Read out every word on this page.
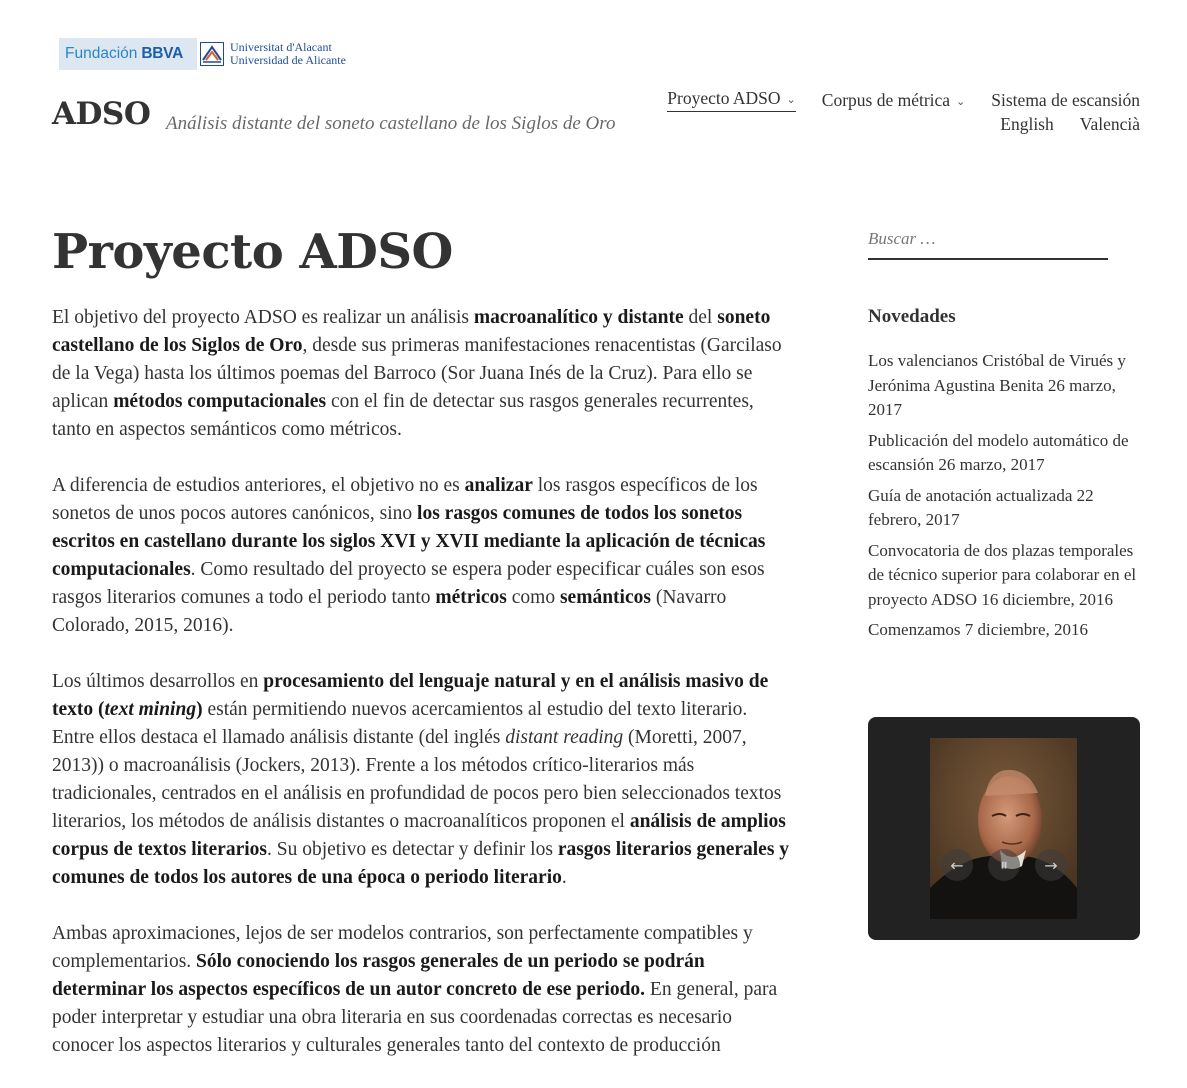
Fundación BBVA	Universitat d'Alacant
Universidad de Alicante
ADSO Análisis distante del soneto castellano de los Siglos de Oro

Proyecto ADSO ⌄ Corpus de métrica ⌄ Sistema de escansión
English Valencià
Proyecto ADSO

El objetivo del proyecto ADSO es realizar un análisis macroanalítico y distante del soneto castellano de los Siglos de Oro, desde sus primeras manifestaciones renacentistas (Garcilaso de la Vega) hasta los últimos poemas del Barroco (Sor Juana Inés de la Cruz). Para ello se aplican métodos computacionales con el fin de detectar sus rasgos generales recurrentes, tanto en aspectos semánticos como métricos.

A diferencia de estudios anteriores, el objetivo no es analizar los rasgos específicos de los sonetos de unos pocos autores canónicos, sino los rasgos comunes de todos los sonetos escritos en castellano durante los siglos XVI y XVII mediante la aplicación de técnicas computacionales. Como resultado del proyecto se espera poder especificar cuáles son esos rasgos literarios comunes a todo el periodo tanto métricos como semánticos (Navarro Colorado, 2015, 2016).

Los últimos desarrollos en procesamiento del lenguaje natural y en el análisis masivo de texto (text mining) están permitiendo nuevos acercamientos al estudio del texto literario. Entre ellos destaca el llamado análisis distante (del inglés distant reading (Moretti, 2007, 2013)) o macroanálisis (Jockers, 2013). Frente a los métodos crítico-literarios más tradicionales, centrados en el análisis en profundidad de pocos pero bien seleccionados textos literarios, los métodos de análisis distantes o macroanalíticos proponen el análisis de amplios corpus de textos literarios. Su objetivo es detectar y definir los rasgos literarios generales y comunes de todos los autores de una época o periodo literario.

Ambas aproximaciones, lejos de ser modelos contrarios, son perfectamente compatibles y complementarios. Sólo conociendo los rasgos generales de un periodo se podrán determinar los aspectos específicos de un autor concreto de ese periodo. En general, para poder interpretar y estudiar una obra literaria en sus coordenadas correctas es necesario conocer los aspectos literarios y culturales generales tanto del contexto de producción

Buscar …
Novedades
Los valencianos Cristóbal de Virués y Jerónima Agustina Benita 26 marzo, 2017
Publicación del modelo automático de escansión 26 marzo, 2017
Guía de anotación actualizada 22 febrero, 2017
Convocatoria de dos plazas temporales de técnico superior para colaborar en el proyecto ADSO 16 diciembre, 2016
Comenzamos 7 diciembre, 2016
←	⏸	→
